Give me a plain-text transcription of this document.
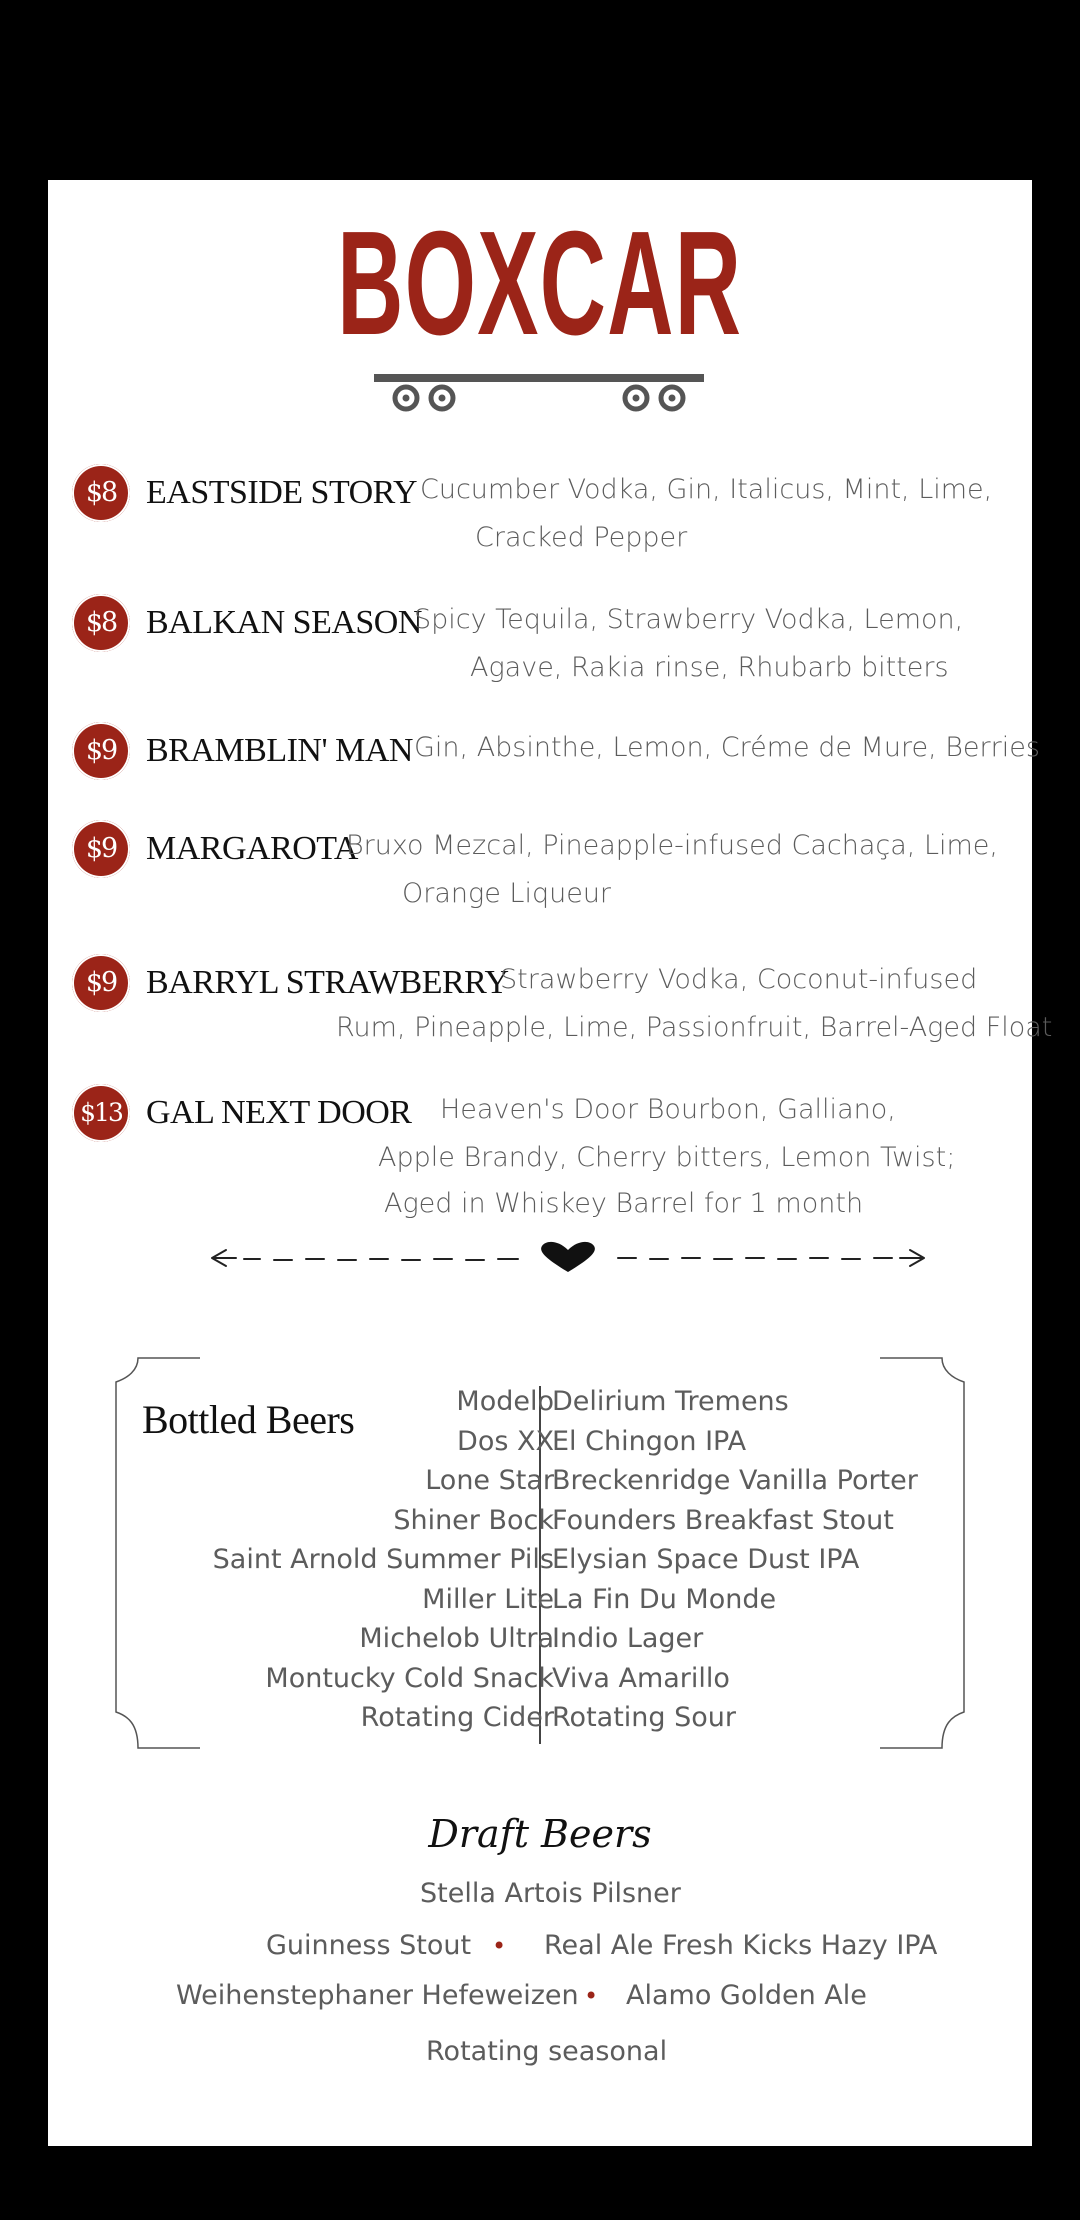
BOXCAR
$8 EASTSIDE STORY Cucumber Vodka, Gin, Italicus, Mint, Lime,
Cracked Pepper
$8 BALKAN SEASON
Spicy Tequila, Strawberry Vodka, Lemon,
Agave, Rakia rinse, Rhubarb bitters
$9 BRAMBLIN' MAN Gin, Absinthe, Lemon, Créme de Mure, Berries
$9 MARGAROTA
Bruxo Mezcal, Pineapple-infused Cachaça, Lime,
Orange Liqueur
$9 BARRYL STRAWBERRY
Strawberry Vodka, Coconut-infused
Rum, Pineapple, Lime, Passionfruit, Barrel-Aged Float
$13 GAL NEXT DOOR Heaven's Door Bourbon, Galliano,
Apple Brandy, Cherry bitters, Lemon Twist;
Aged in Whiskey Barrel for 1 month
Bottled Beers	Modelo
Dos XX
Lone Star
Shiner Bock
Saint Arnold Summer Pils
Miller Lite
Michelob Ultra
Montucky Cold Snack
Rotating Cider
Delirium Tremens
El Chingon IPA
Breckenridge Vanilla Porter
Founders Breakfast Stout
Elysian Space Dust IPA
La Fin Du Monde
Indio Lager
Viva Amarillo
Rotating Sour
Draft Beers
Stella Artois Pilsner
Guinness Stout • Real Ale Fresh Kicks Hazy IPA
Weihenstephaner Hefeweizen • Alamo Golden Ale
Rotating seasonal
